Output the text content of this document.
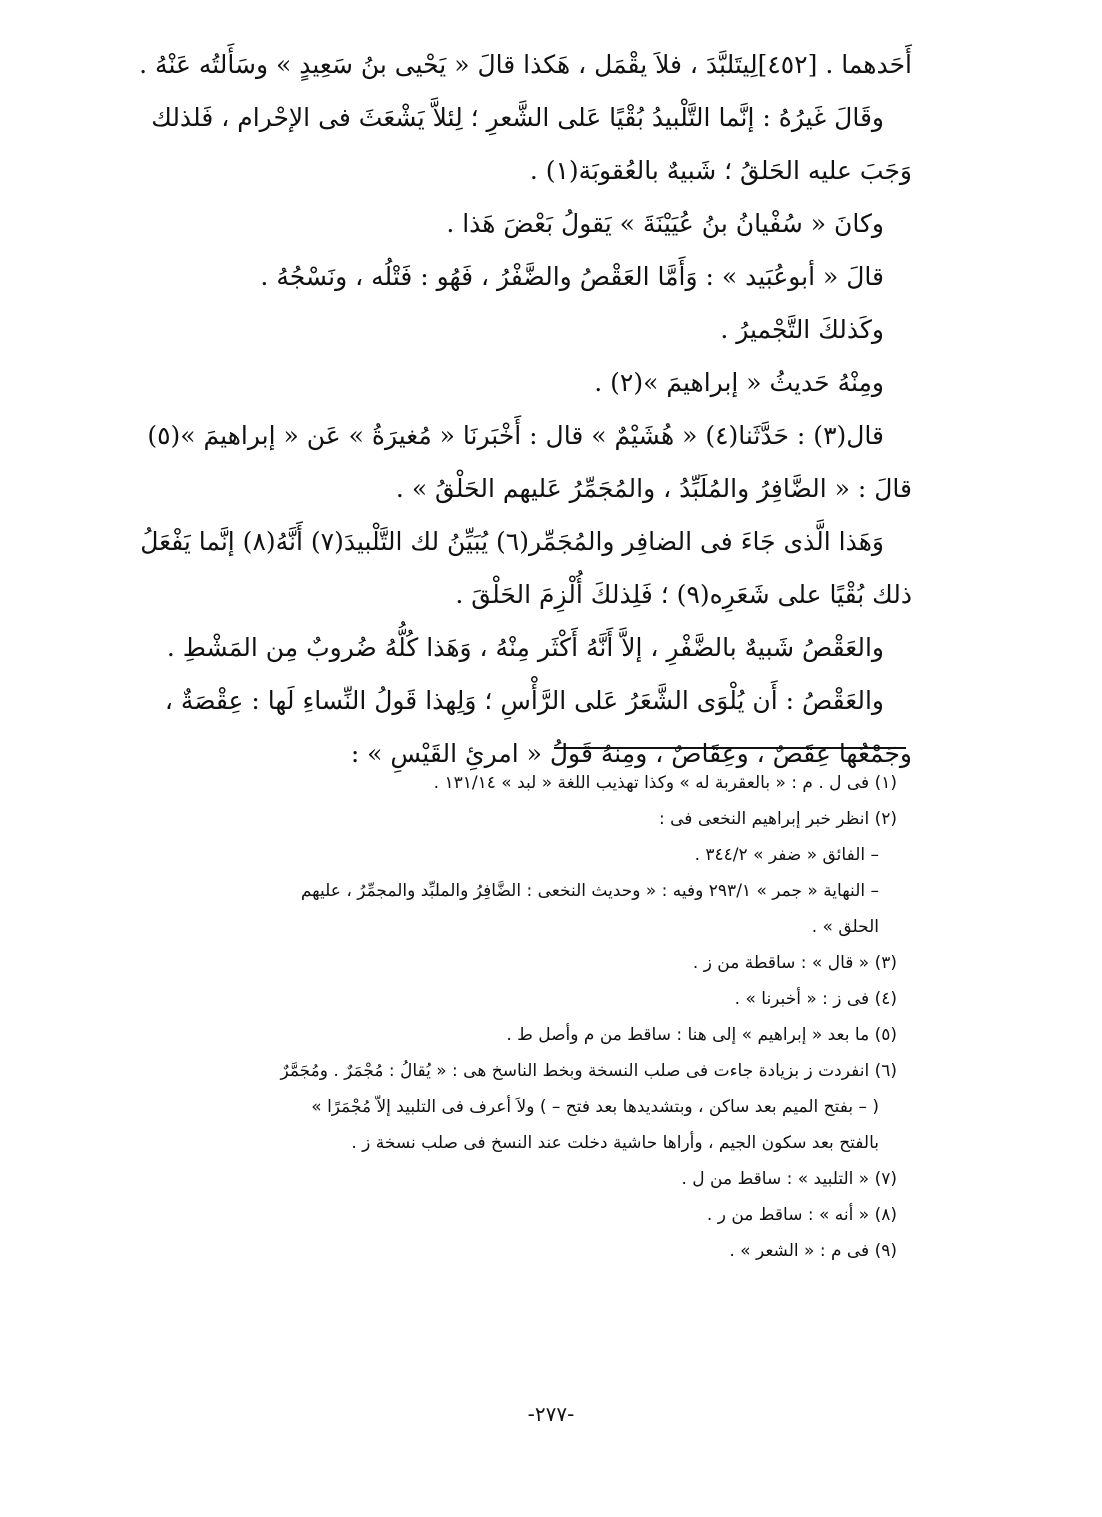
أَحَدهما . [٤٥٢]لِيتَلبَّدَ ، فلاَ يقْمَل ، هَكذا قالَ « يَحْيى بنُ سَعِيدٍ » وسَأَلتُه عَنْهُ .

وقَالَ غَيرُهُ : إنَّما التَّلْبيدُ بُقْيًا عَلى الشَّعرِ ؛ لِئلاَّ يَشْعَثَ فى الإحْرام ، فَلذلك

وَجَبَ عليه الحَلقُ ؛ شَبيهٌ بالعُقوبَة(١) .

وكانَ « سُفْيانُ بنُ عُيَيْنَةَ » يَقولُ بَعْضَ هَذا .

قالَ « أبوعُبَيد » : وَأَمَّا العَقْصُ والضَّفْرُ ، فَهُو : فَتْلُه ، ونَسْجُهُ .

وكَذلكَ التَّجْميرُ .

ومِنْهُ حَديثُ « إبراهيمَ »(٢) .

قال(٣) : حَدَّثَنا(٤) « هُشَيْمٌ » قال : أَخْبَرنَا « مُغيرَةُ » عَن « إبراهيمَ »(٥)

قالَ : « الضَّافِرُ والمُلَبِّدُ ، والمُجَمِّرُ عَليهم الحَلْقُ » .

وَهَذا الَّذى جَاءَ فى الضافِر والمُجَمِّر(٦) يُبَيِّنُ لك التَّلْبيدَ(٧) أَنَّهُ(٨) إنَّما يَفْعَلُ

ذلك بُقْيًا على شَعَرِه(٩) ؛ فَلِذلكَ أُلْزِمَ الحَلْقَ .

والعَقْصُ شَبيهٌ بالضَّفْرِ ، إلاَّ أَنَّهُ أَكْثَر مِنْهُ ، وَهَذا كُلُّهُ ضُروبٌ مِن المَشْطِ .

والعَقْصُ : أَن يُلْوَى الشَّعَرُ عَلى الرَّأْسِ ؛ وَلِهذا قَولُ النِّساءِ لَها : عِقْصَةٌ ،

وجَمْعُها عِقَصٌ ، وعِقَاصٌ ، ومِنهُ قَولُ « امرئِ القَيْسِ » :

(١) فى ل . م : « بالعقربة له » وكذا تهذيب اللغة « لبد » ١٣١/١٤ .

(٢) انظر خبر إبراهيم النخعى فى :

– الفائق « ضفر » ٣٤٤/٢ .

– النهاية « جمر » ٢٩٣/١ وفيه : « وحديث النخعى : الضَّافِرُ والملبِّد والمجمِّرُ ، عليهم

الحلق » .

(٣) « قال » : ساقطة من ز .

(٤) فى ز : « أخبرنا » .

(٥) ما بعد « إبراهيم » إلى هنا : ساقط من م وأصل ط .

(٦) انفردت ز بزيادة جاءت فى صلب النسخة وبخط الناسخ هى : « يُقالُ : مُجْمَرٌ . ومُجَمَّرٌ

( – بفتح الميم بعد ساكن ، وبتشديدها بعد فتح – ) ولاَ أعرف فى التلبيد إلاّ مُجْمَرًا »

بالفتح بعد سكون الجيم ، وأراها حاشية دخلت عند النسخ فى صلب نسخة ز .

(٧) « التلبيد » : ساقط من ل .

(٨) « أنه » : ساقط من ر .

(٩) فى م : « الشعر » .

-٢٧٧-
